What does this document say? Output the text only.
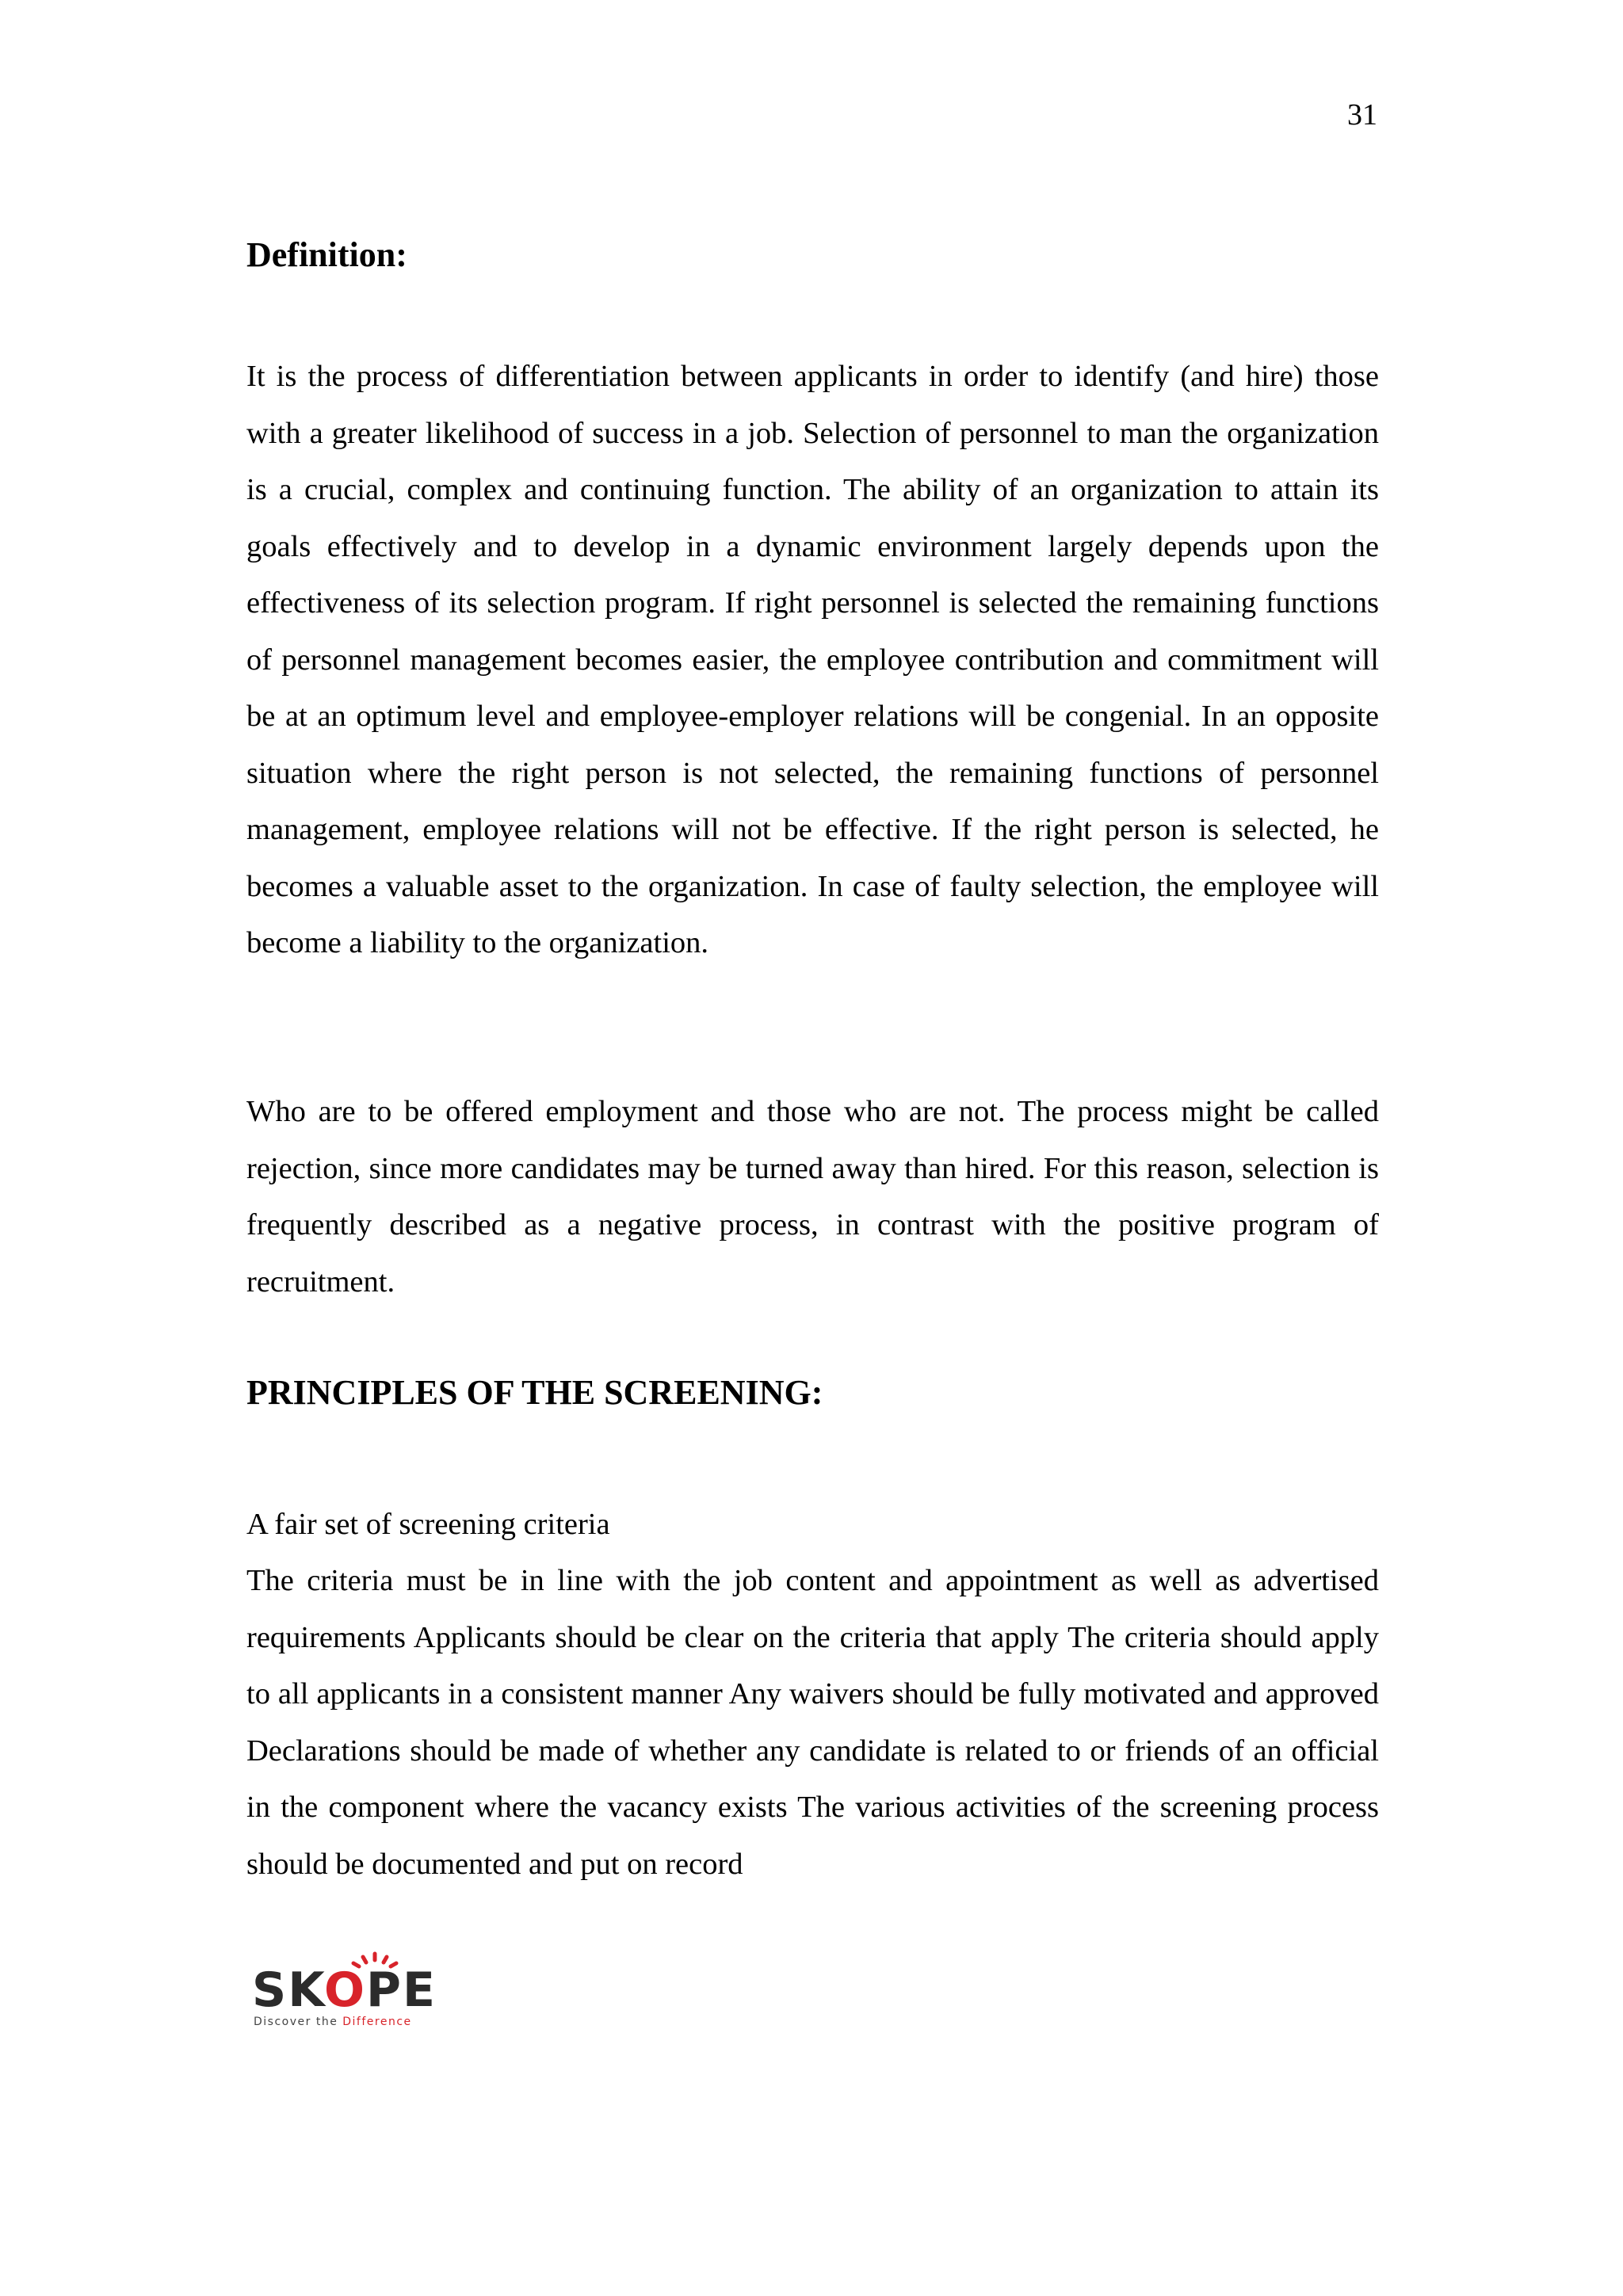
31
Definition:

It is the process of differentiation between applicants in order to identify (and hire) those with a greater likelihood of success in a job. Selection of personnel to man the organization is a crucial, complex and continuing function. The ability of an organization to attain its goals effectively and to develop in a dynamic environment largely depends upon the effectiveness of its selection program. If right personnel is selected the remaining functions of personnel management becomes easier, the employee contribution and commitment will be at an optimum level and employee-employer relations will be congenial. In an opposite situation where the right person is not selected, the remaining functions of personnel management, employee relations will not be effective. If the right person is selected, he becomes a valuable asset to the organization. In case of faulty selection, the employee will become a liability to the organization.

Who are to be offered employment and those who are not. The process might be called rejection, since more candidates may be turned away than hired. For this reason, selection is frequently described as a negative process, in contrast with the positive program of recruitment.

PRINCIPLES OF THE SCREENING:

A fair set of screening criteria

The criteria must be in line with the job content and appointment as well as advertised requirements Applicants should be clear on the criteria that apply The criteria should apply to all applicants in a consistent manner Any waivers should be fully motivated and approved Declarations should be made of whether any candidate is related to or friends of an official in the component where the vacancy exists The various activities of the screening process should be documented and put on record

SKOPE
Discover the Difference
